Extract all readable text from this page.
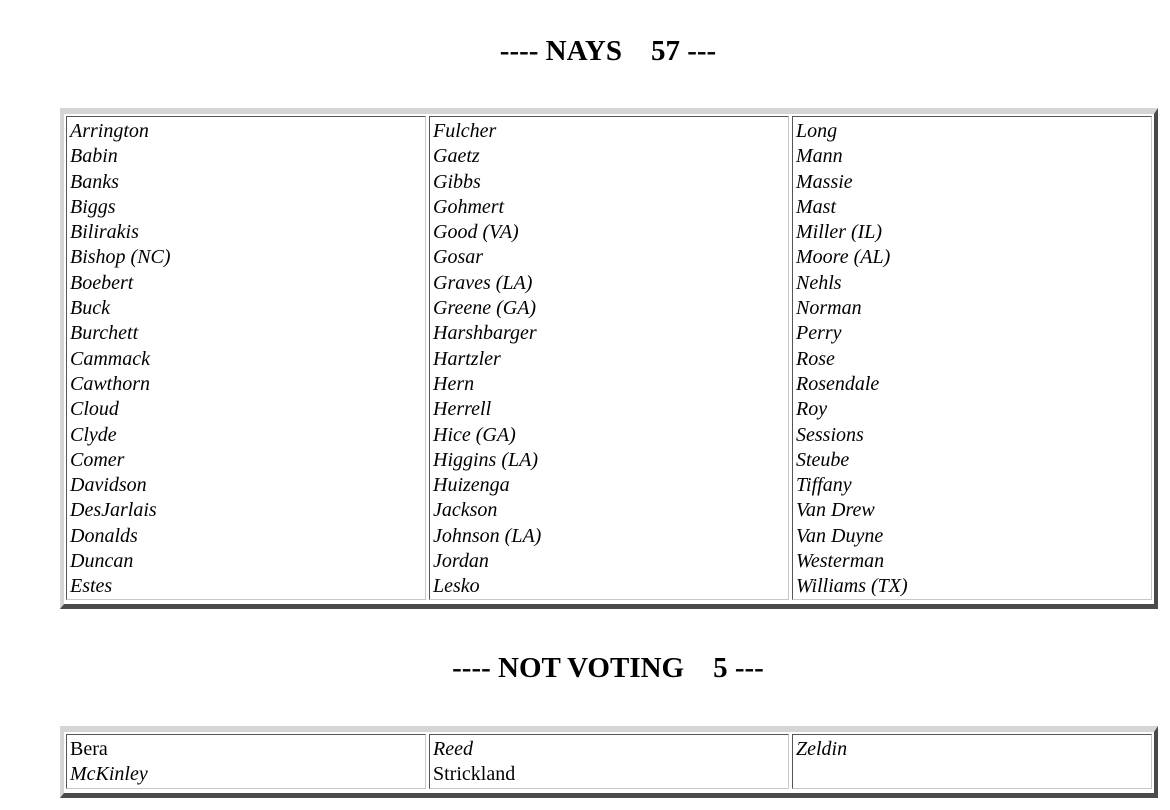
---- NAYS    57 ---
Arrington
Babin
Banks
Biggs
Bilirakis
Bishop (NC)
Boebert
Buck
Burchett
Cammack
Cawthorn
Cloud
Clyde
Comer
Davidson
DesJarlais
Donalds
Duncan
Estes
Fulcher
Gaetz
Gibbs
Gohmert
Good (VA)
Gosar
Graves (LA)
Greene (GA)
Harshbarger
Hartzler
Hern
Herrell
Hice (GA)
Higgins (LA)
Huizenga
Jackson
Johnson (LA)
Jordan
Lesko
Long
Mann
Massie
Mast
Miller (IL)
Moore (AL)
Nehls
Norman
Perry
Rose
Rosendale
Roy
Sessions
Steube
Tiffany
Van Drew
Van Duyne
Westerman
Williams (TX)
---- NOT VOTING    5 ---
Bera
McKinley
Reed
Strickland
Zeldin
